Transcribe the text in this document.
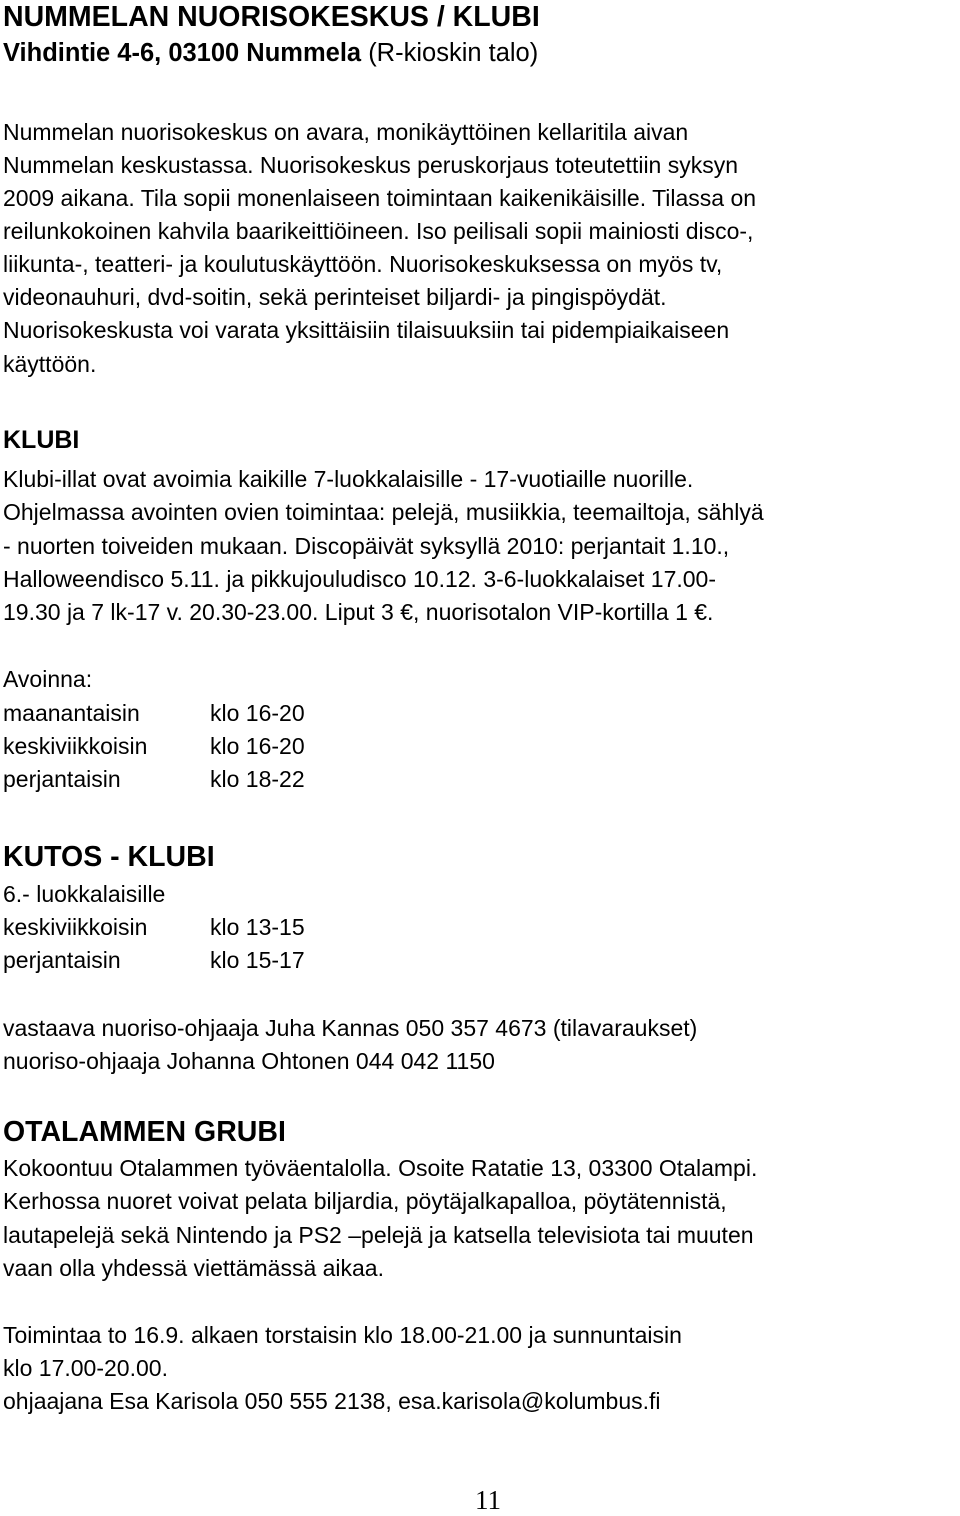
NUMMELAN NUORISOKESKUS / KLUBI
Vihdintie 4-6, 03100 Nummela (R-kioskin talo)
Nummelan nuorisokeskus on avara, monikäyttöinen kellaritila aivan
Nummelan keskustassa. Nuorisokeskus peruskorjaus toteutettiin syksyn
2009 aikana. Tila sopii monenlaiseen toimintaan kaikenikäisille. Tilassa on
reilunkokoinen kahvila baarikeittiöineen. Iso peilisali sopii mainiosti disco-,
liikunta-, teatteri- ja koulutuskäyttöön. Nuorisokeskuksessa on myös tv,
videonauhuri, dvd-soitin, sekä perinteiset biljardi- ja pingispöydät.
Nuorisokeskusta voi varata yksittäisiin tilaisuuksiin tai pidempiaikaiseen
käyttöön.
KLUBI
Klubi-illat ovat avoimia kaikille 7-luokkalaisille - 17-vuotiaille nuorille.
Ohjelmassa avointen ovien toimintaa: pelejä, musiikkia, teemailtoja, sählyä
- nuorten toiveiden mukaan. Discopäivät syksyllä 2010: perjantait 1.10.,
Halloweendisco 5.11. ja pikkujouludisco 10.12. 3-6-luokkalaiset 17.00-
19.30 ja 7 lk-17 v. 20.30-23.00. Liput 3 €, nuorisotalon VIP-kortilla 1 €.
Avoinna:
maanantaisin	klo 16-20
keskiviikkoisin	klo 16-20
perjantaisin	klo 18-22
KUTOS - KLUBI
6.- luokkalaisille
keskiviikkoisin	klo 13-15
perjantaisin	klo 15-17
vastaava nuoriso-ohjaaja Juha Kannas 050 357 4673 (tilavaraukset)
nuoriso-ohjaaja Johanna Ohtonen 044 042 1150
OTALAMMEN GRUBI
Kokoontuu Otalammen työväentalolla. Osoite Ratatie 13, 03300 Otalampi.
Kerhossa nuoret voivat pelata biljardia, pöytäjalkapalloa, pöytätennistä,
lautapelejä sekä Nintendo ja PS2 –pelejä ja katsella televisiota tai muuten
vaan olla yhdessä viettämässä aikaa.
Toimintaa to 16.9. alkaen torstaisin klo 18.00-21.00 ja sunnuntaisin
klo 17.00-20.00.
ohjaajana Esa Karisola 050 555 2138, esa.karisola@kolumbus.fi
11
